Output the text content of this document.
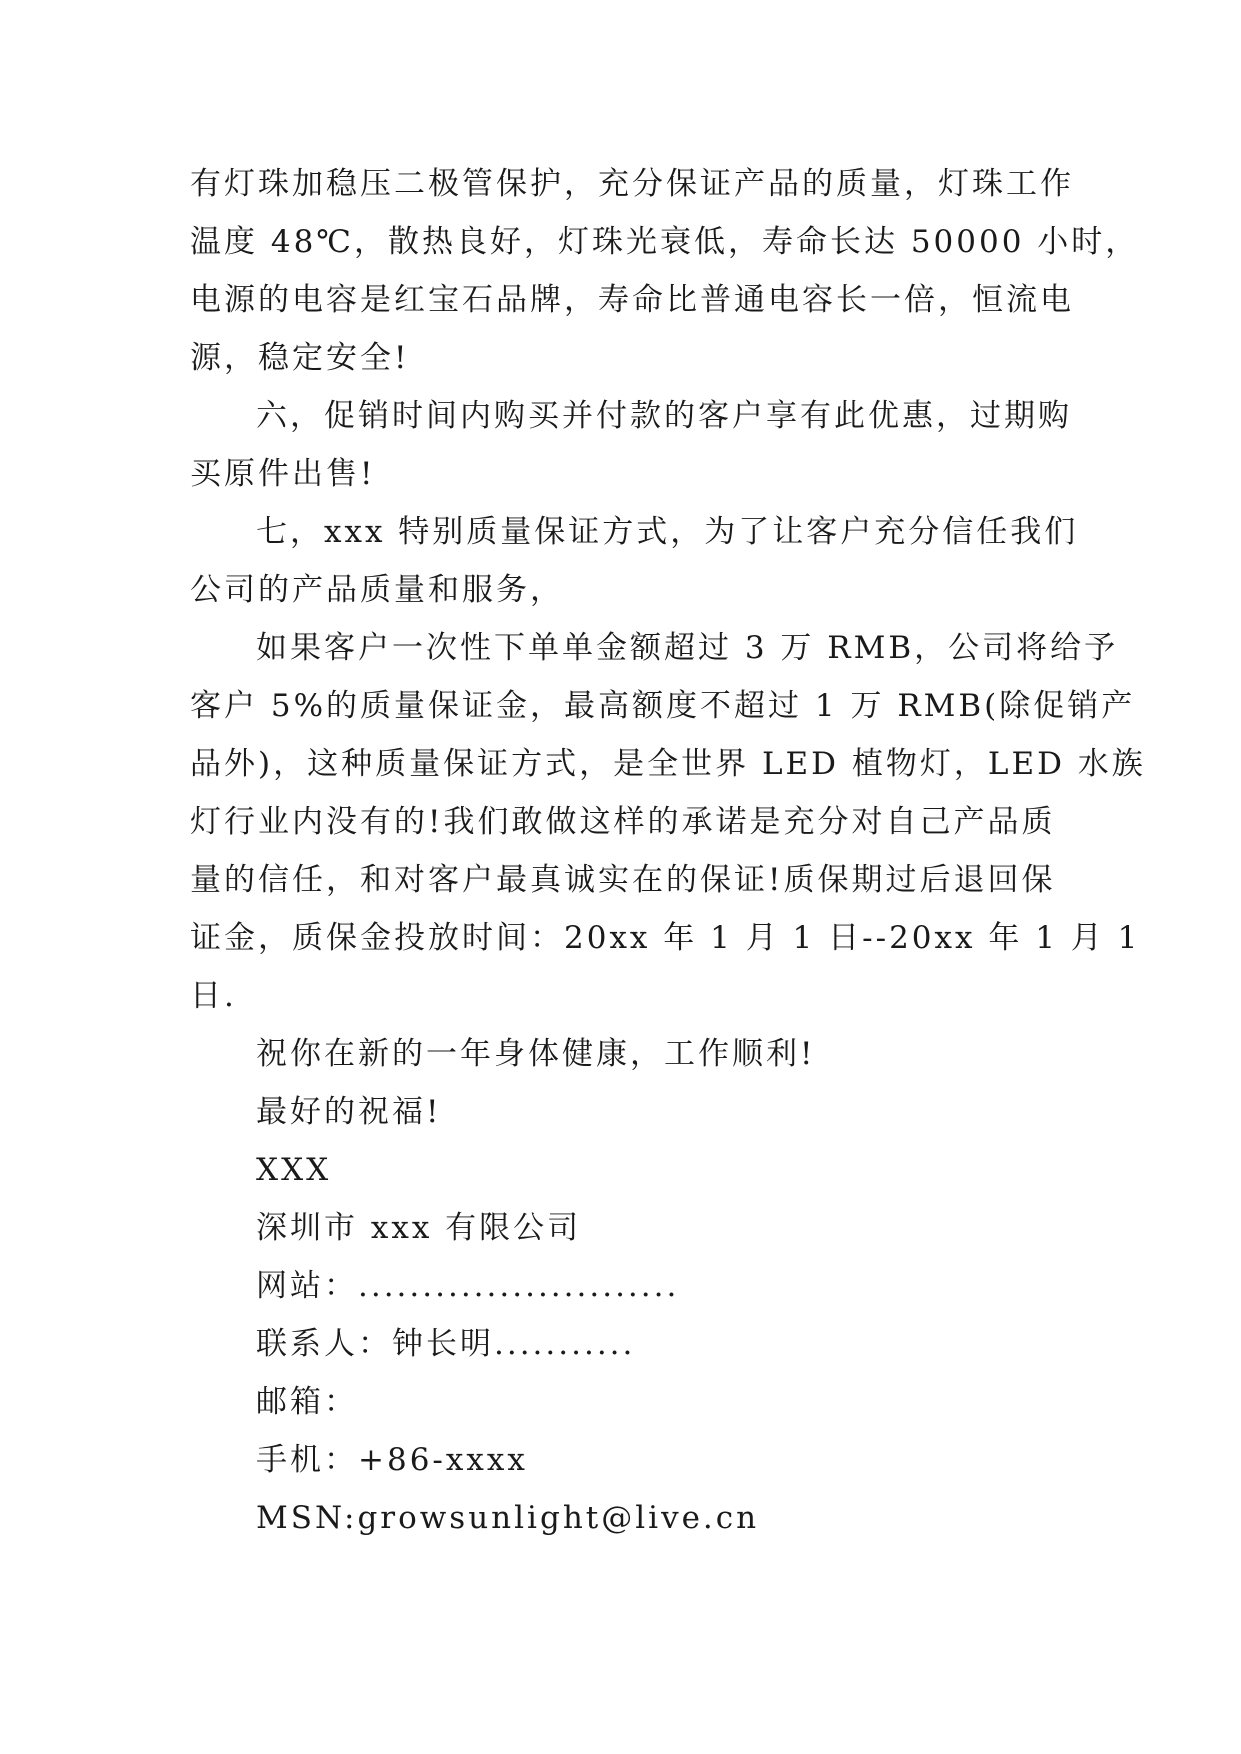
有灯珠加稳压二极管保护，充分保证产品的质量，灯珠工作
温度 48℃，散热良好，灯珠光衰低，寿命长达 50000 小时，
电源的电容是红宝石品牌，寿命比普通电容长一倍，恒流电
源，稳定安全!
六，促销时间内购买并付款的客户享有此优惠，过期购
买原件出售!
七，xxx 特别质量保证方式，为了让客户充分信任我们
公司的产品质量和服务，
如果客户一次性下单单金额超过 3 万 RMB，公司将给予
客户 5%的质量保证金，最高额度不超过 1 万 RMB(除促销产
品外)，这种质量保证方式，是全世界 LED 植物灯，LED 水族
灯行业内没有的!我们敢做这样的承诺是充分对自己产品质
量的信任，和对客户最真诚实在的保证!质保期过后退回保
证金，质保金投放时间：20xx 年 1 月 1 日--20xx 年 1 月 1
日.
祝你在新的一年身体健康，工作顺利!
最好的祝福!
XXX
深圳市 xxx 有限公司
网站：.........................
联系人：钟长明...........
邮箱：
手机：+86-xxxx
MSN:growsunlight@live.cn
